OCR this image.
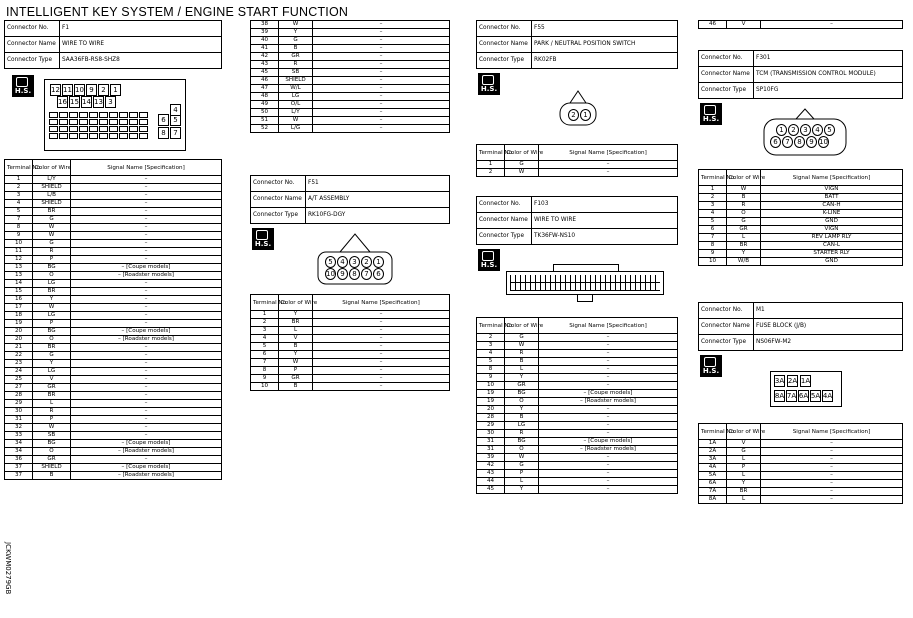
INTELLIGENT KEY SYSTEM / ENGINE START FUNCTION
JCKWM0279GB
Connector No.	F1
Connector Name	WIRE TO WIRE
Connector Type	SAA36FB-RS8-SHZ8
H.S.	12 11 10 9	2	1
16 15 14 13 3
6	5
8	7
4
Terminal No.	Color of Wire	Signal Name [Specification]
1	L/Y	–
2	SHIELD	–
3	L/B	–
4	SHIELD	–
5	BR	–
7	G	–
8	W	–
9	W	–
10	G	–
11	R	–
12	P	–
13	BG	– [Coupe models]
13	O	– [Roadster models]
14	LG	–
15	BR	–
16	Y	–
17	W	–
18	LG	–
19	P	–
20	BG	– [Coupe models]
20	O	– [Roadster models]
21	BR	–
22	G	–
23	Y	–
24	LG	–
25	V	–
27	GR	–
28	BR	–
29	L	–
30	R	–
31	P	–
32	W	–
33	SB	–
34	BG	– [Coupe models]
34	O	– [Roadster models]
36	GR	–
37	SHIELD	– [Coupe models]
37	B	– [Roadster models]
38	W	–
39	Y	–
40	G	–
41	B	–
42	GR	–
43	R	–
45	SB	–
46	SHIELD	–
47	W/L	–
48	LG	–
49	O/L	–
50	L/Y	–
51	W	–
52	L/G	–
Connector No.	F51
Connector Name	A/T ASSEMBLY
Connector Type	RK10FG-DGY
H.S.
5	4	3	2	1
10 9	8	7	6
Terminal No.	Color of Wire	Signal Name [Specification]
1	Y	–
2	BR	–
3	L	–
4	V	–
5	B	–
6	Y	–
7	W	–
8	P	–
9	GR	–
10	B	–
Connector No.	F55
Connector Name	PARK / NEUTRAL POSITION SWITCH
Connector Type	RK02FB
H.S.
2	1
Terminal No.	Color of Wire	Signal Name [Specification]
1	G	–
2	W	–
Connector No.	F103
Connector Name	WIRE TO WIRE
Connector Type	TK36FW-NS10
H.S.
Terminal No.	Color of Wire	Signal Name [Specification]
2	G	–
3	W	–
4	R	–
5	B	–
8	L	–
9	Y	–
10	GR	–
19	BG	– [Coupe models]
19	O	– [Roadster models]
20	Y	–
28	B	–
29	LG	–
30	R	–
31	BG	– [Coupe models]
31	O	– [Roadster models]
39	W	–
42	G	–
43	P	–
44	L	–
45	Y	–
46	V	–
Connector No.	F301
Connector Name	TCM (TRANSMISSION CONTROL MODULE)
Connector Type	SP10FG
H.S.
1	2	3	4	5
6	7	8	9 10
Terminal No.	Color of Wire	Signal Name [Specification]
1	W	VIGN
2	B	BATT
3	R	CAN-H
4	O	K-LINE
5	G	GND
6	GR	VIGN
7	L	REV LAMP RLY
8	BR	CAN-L
9	Y	STARTER RLY
10	W/B	GND
Connector No.	M1
Connector Name	FUSE BLOCK (J/B)
Connector Type	NS06FW-M2
H.S.
3A 2A 1A
8A 7A 6A 5A 4A
Terminal No.	Color of Wire	Signal Name [Specification]
1A	V	–
2A	G	–
3A	L	–
4A	P	–
5A	L	–
6A	Y	–
7A	BR	–
8A	L	–
